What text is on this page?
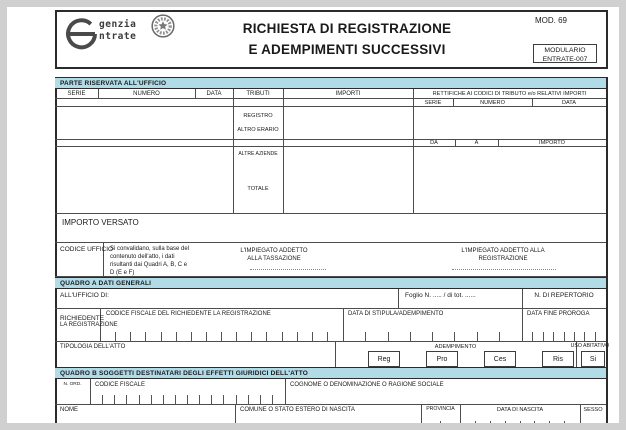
genzia
ntrate
RICHIESTA DI REGISTRAZIONE
E ADEMPIMENTI SUCCESSIVI
MOD. 69
MODULARIO
ENTRATE-007
PARTE RISERVATA ALL'UFFICIO
QUADRO A DATI GENERALI
QUADRO B SOGGETTI DESTINATARI DEGLI EFFETTI GIURIDICI DELL'ATTO
SERIE	NUMERO	DATA	TRIBUTI	IMPORTI	RETTIFICHE AI CODICI DI TRIBUTO e/o RELATIVI IMPORTI
SERIE	NUMERO	DATA
REGISTRO
ALTRO ERARIO
ALTRE AZIENDE
TOTALE
DA	A	IMPORTO
IMPORTO VERSATO
CODICE UFFICIO
Si convalidano, sulla base del contenuto dell'atto, i dati risultanti dai Quadri A, B, C e D (E e F)
L'IMPIEGATO ADDETTO ALLA TASSAZIONE
L'IMPIEGATO ADDETTO ALLA REGISTRAZIONE
ALL'UFFICIO DI:	Foglio N. ..... / di tot. ......	N. DI REPERTORIO
RICHIEDENTE
LA REGISTRAZIONE
CODICE FISCALE DEL RICHIEDENTE LA REGISTRAZIONE	DATA DI STIPULA/ADEMPIMENTO	DATA FINE PROROGA
TIPOLOGIA DELL'ATTO	ADEMPIMENTO
Reg	Pro	Ces	Ris
USO ABITATIVO
Si
N. ORD.	CODICE FISCALE	COGNOME O DENOMINAZIONE O RAGIONE SOCIALE
NOME	COMUNE O STATO ESTERO DI NASCITA	PROVINCIA	DATA DI NASCITA	SESSO
